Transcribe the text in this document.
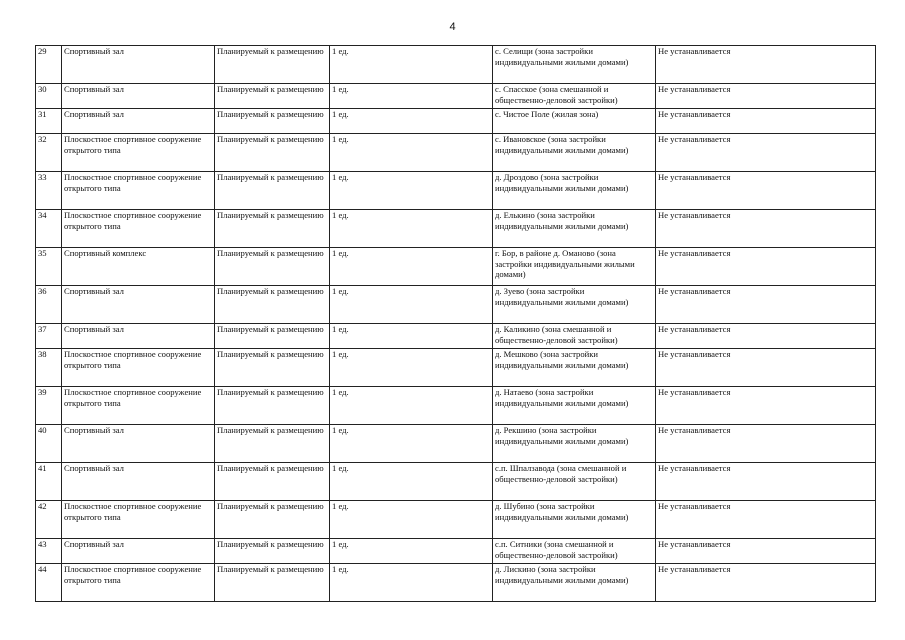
4
29	Спортивный зал	Планируемый к размещению	1 ед.	с. Селищи (зона застройки индивидуальными жилыми домами)	Не устанавливается
30	Спортивный зал	Планируемый к размещению	1 ед.	с. Спасское (зона смешанной и общественно-деловой застройки)	Не устанавливается
31	Спортивный зал	Планируемый к размещению	1 ед.	с. Чистое Поле (жилая зона)	Не устанавливается
32	Плоскостное спортивное сооружение открытого типа	Планируемый к размещению	1 ед.	с. Ивановское (зона застройки индивидуальными жилыми домами)	Не устанавливается
33	Плоскостное спортивное сооружение открытого типа	Планируемый к размещению	1 ед.	д. Дроздово (зона застройки индивидуальными жилыми домами)	Не устанавливается
34	Плоскостное спортивное сооружение открытого типа	Планируемый к размещению	1 ед.	д. Елькино (зона застройки индивидуальными жилыми домами)	Не устанавливается
35	Спортивный комплекс	Планируемый к размещению	1 ед.	г. Бор, в районе д. Оманово (зона застройки индивидуальными жилыми домами)	Не устанавливается
36	Спортивный зал	Планируемый к размещению	1 ед.	д. Зуево (зона застройки индивидуальными жилыми домами)	Не устанавливается
37	Спортивный зал	Планируемый к размещению	1 ед.	д. Каликино (зона смешанной и общественно-деловой застройки)	Не устанавливается
38	Плоскостное спортивное сооружение открытого типа	Планируемый к размещению	1 ед.	д. Мешково (зона застройки индивидуальными жилыми домами)	Не устанавливается
39	Плоскостное спортивное сооружение открытого типа	Планируемый к размещению	1 ед.	д. Натаево (зона застройки индивидуальными жилыми домами)	Не устанавливается
40	Спортивный зал	Планируемый к размещению	1 ед.	д. Рекшино (зона застройки индивидуальными жилыми домами)	Не устанавливается
41	Спортивный зал	Планируемый к размещению	1 ед.	с.п. Шпалзавода (зона смешанной и общественно-деловой застройки)	Не устанавливается
42	Плоскостное спортивное сооружение открытого типа	Планируемый к размещению	1 ед.	д. Шубино (зона застройки индивидуальными жилыми домами)	Не устанавливается
43	Спортивный зал	Планируемый к размещению	1 ед.	с.п. Ситники (зона смешанной и общественно-деловой застройки)	Не устанавливается
44	Плоскостное спортивное сооружение открытого типа	Планируемый к размещению	1 ед.	д. Лискино (зона застройки индивидуальными жилыми домами)	Не устанавливается
